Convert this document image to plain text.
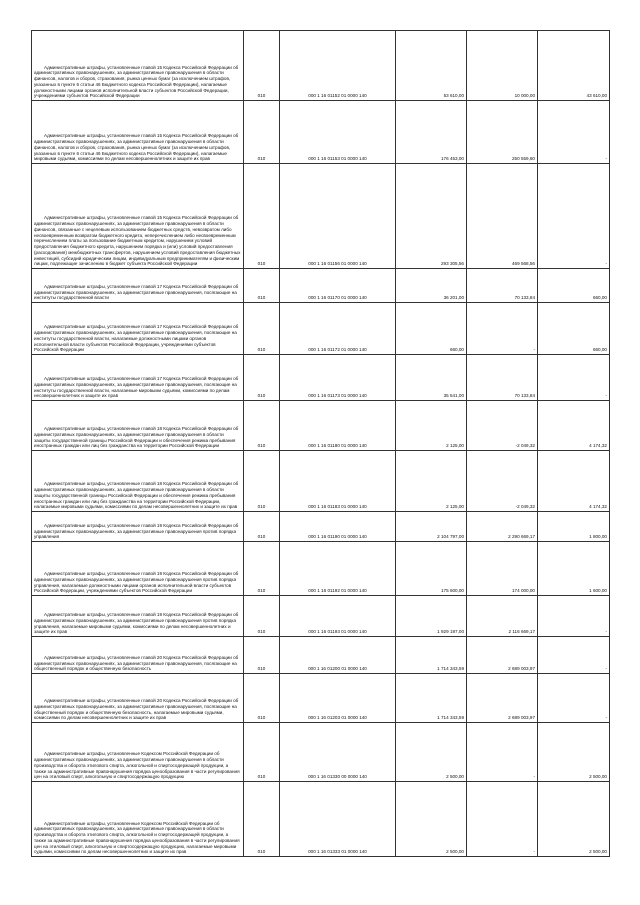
Административные штрафы, установленные главой 15 Кодекса Российской Федерации об административных правонарушениях, за административные правонарушения в области финансов, налогов и сборов, страхования, рынка ценных бумаг (за исключением штрафов, указанных в пункте 6 статьи 46 Бюджетного кодекса Российской Федерации), налагаемые должностными лицами органов исполнительной власти субъектов Российской Федерации, учреждениями субъектов Российской Федерации	010	000 1 16 01152 01 0000 140	53 610,00	10 000,00	43 610,00
Административные штрафы, установленные главой 15 Кодекса Российской Федерации об административных правонарушениях, за административные правонарушения в области финансов, налогов и сборов, страхования, рынка ценных бумаг (за исключением штрафов, указанных в пункте 6 статьи 46 Бюджетного кодекса Российской Федерации), налагаемые мировыми судьями, комиссиями по делам несовершеннолетних и защите их прав	010	000 1 16 01153 01 0000 140	176 453,00	250 559,60	-
Административные штрафы, установленные главой 15 Кодекса Российской Федерации об административных правонарушениях, за административные правонарушения в области финансов, связанные с нецелевым использованием бюджетных средств, невозвратом либо несвоевременным возвратом бюджетного кредита, неперечислением либо несвоевременным перечислением платы за пользование бюджетным кредитом, нарушением условий предоставления бюджетного кредита, нарушением порядка и (или) условий предоставления (расходования) межбюджетных трансфертов, нарушением условий предоставления бюджетных инвестиций, субсидий юридическим лицам, индивидуальным предпринимателям и физическим лицам, подлежащие зачислению в бюджет субъекта Российской Федерации	010	000 1 16 01156 01 0000 140	293 305,56	469 568,56	-
Административные штрафы, установленные главой 17 Кодекса Российской Федерации об административных правонарушениях, за административные правонарушения, посягающие на институты государственной власти	010	000 1 16 01170 01 0000 140	36 201,00	70 133,84	660,00
Административные штрафы, установленные главой 17 Кодекса Российской Федерации об административных правонарушениях, за административные правонарушения, посягающие на институты государственной власти, налагаемые должностными лицами органов исполнительной власти субъектов Российской Федерации, учреждениями субъектов Российской Федерации	010	000 1 16 01172 01 0000 140	660,00	-	660,00
Административные штрафы, установленные главой 17 Кодекса Российской Федерации об административных правонарушениях, за административные правонарушения, посягающие на институты государственной власти, налагаемые мировыми судьями, комиссиями по делам несовершеннолетних и защите их прав	010	000 1 16 01173 01 0000 140	35 541,00	70 133,84	-
Административные штрафы, установленные главой 18 Кодекса Российской Федерации об административных правонарушениях, за административные правонарушения в области защиты государственной границы Российской Федерации и обеспечения режима пребывания иностранных граждан или лиц без гражданства на территории Российской Федерации	010	000 1 16 01180 01 0000 140	2 125,00	-2 049,32	4 174,32
Административные штрафы, установленные главой 18 Кодекса Российской Федерации об административных правонарушениях, за административные правонарушения в области защиты государственной границы Российской Федерации и обеспечения режима пребывания иностранных граждан или лиц без гражданства на территории Российской Федерации, налагаемые мировыми судьями, комиссиями по делам несовершеннолетних и защите их прав	010	000 1 16 01183 01 0000 140	2 125,00	-2 049,32	4 174,32
Административные штрафы, установленные главой 19 Кодекса Российской Федерации об административных правонарушениях, за административные правонарушения против порядка управления	010	000 1 16 01190 01 0000 140	2 104 797,00	2 290 669,17	1 800,00
Административные штрафы, установленные главой 19 Кодекса Российской Федерации об административных правонарушениях, за административные правонарушения против порядка управления, налагаемые должностными лицами органов исполнительной власти субъектов Российской Федерации, учреждениями субъектов Российской Федерации	010	000 1 16 01192 01 0000 140	175 600,00	174 000,00	1 600,00
Административные штрафы, установленные главой 19 Кодекса Российской Федерации об административных правонарушениях, за административные правонарушения против порядка управления, налагаемые мировыми судьями, комиссиями по делам несовершеннолетних и защите их прав	010	000 1 16 01193 01 0000 140	1 929 197,00	2 116 669,17	-
Административные штрафы, установленные главой 20 Кодекса Российской Федерации об административных правонарушениях, за административные правонарушения, посягающие на общественный порядок и общественную безопасность	010	000 1 16 01200 01 0000 140	1 714 343,59	2 689 003,97	-
Административные штрафы, установленные главой 20 Кодекса Российской Федерации об административных правонарушениях, за административные правонарушения, посягающие на общественный порядок и общественную безопасность, налагаемые мировыми судьями, комиссиями по делам несовершеннолетних и защите их прав	010	000 1 16 01203 01 0000 140	1 714 343,59	2 689 003,97	-
Административные штрафы, установленные Кодексом Российской Федерации об административных правонарушениях, за административные правонарушения в области производства и оборота этилового спирта, алкогольной и спиртосодержащей продукции, а также за административные правонарушения порядка ценообразования в части регулирования цен на этиловый спирт, алкогольную и спиртосодержащую продукцию	010	000 1 16 01330 00 0000 140	2 500,00	-	2 500,00
Административные штрафы, установленные Кодексом Российской Федерации об административных правонарушениях, за административные правонарушения в области производства и оборота этилового спирта, алкогольной и спиртосодержащей продукции, а также за административные правонарушения порядка ценообразования в части регулирования цен на этиловый спирт, алкогольную и спиртосодержащую продукцию, налагаемые мировыми судьями, комиссиями по делам несовершеннолетних и защите их прав	010	000 1 16 01333 01 0000 140	2 500,00	-	2 500,00
